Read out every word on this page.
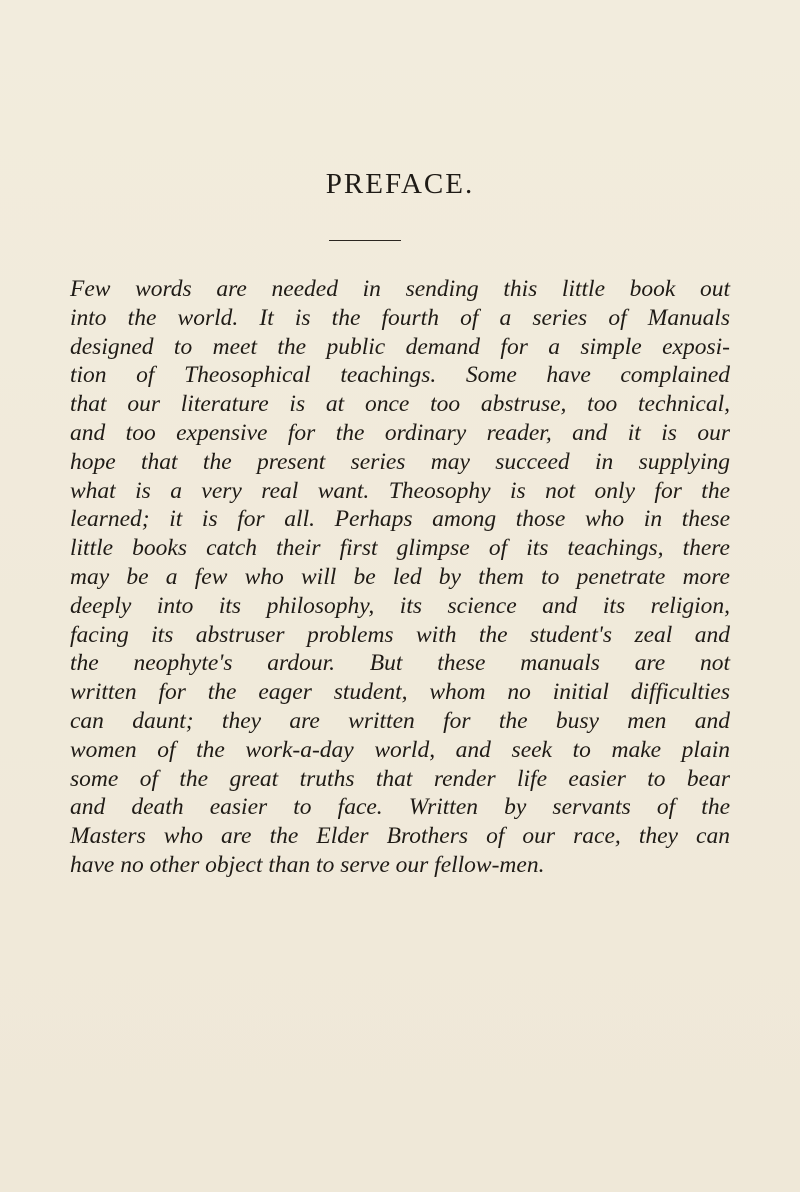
PREFACE.
Few words are needed in sending this little book out
into the world. It is the fourth of a series of Manuals
designed to meet the public demand for a simple exposi-
tion of Theosophical teachings. Some have complained
that our literature is at once too abstruse, too technical,
and too expensive for the ordinary reader, and it is our
hope that the present series may succeed in supplying
what is a very real want. Theosophy is not only for the
learned; it is for all. Perhaps among those who in these
little books catch their first glimpse of its teachings, there
may be a few who will be led by them to penetrate more
deeply into its philosophy, its science and its religion,
facing its abstruser problems with the student's zeal and
the neophyte's ardour. But these manuals are not
written for the eager student, whom no initial difficulties
can daunt; they are written for the busy men and
women of the work-a-day world, and seek to make plain
some of the great truths that render life easier to bear
and death easier to face. Written by servants of the
Masters who are the Elder Brothers of our race, they can
have no other object than to serve our fellow-men.
